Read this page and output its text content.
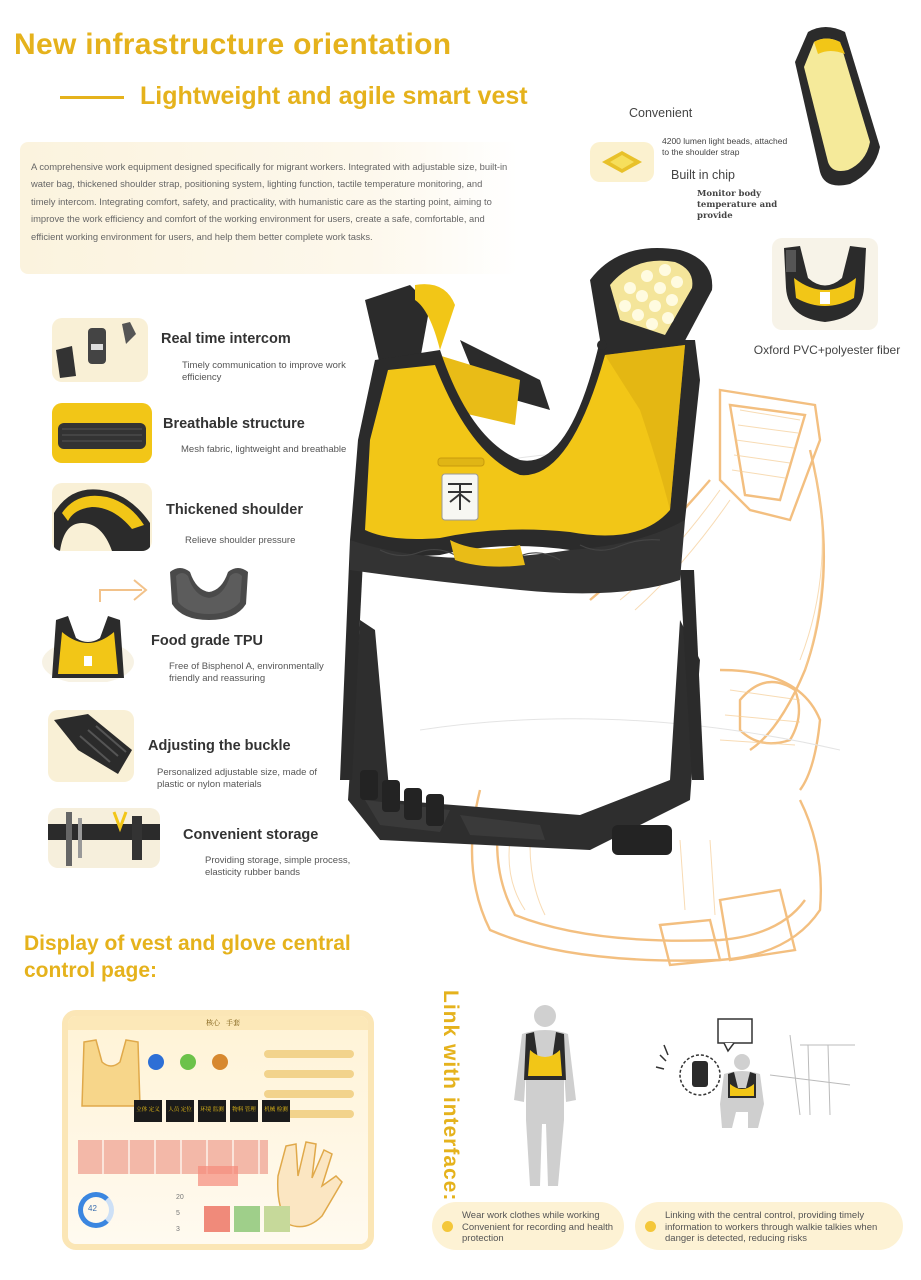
New infrastructure orientation
Lightweight and agile smart vest
A comprehensive work equipment designed specifically for migrant workers. Integrated with adjustable size, built-in water bag, thickened shoulder strap, positioning system, lighting function, tactile temperature monitoring, and timely intercom. Integrating comfort, safety, and practicality, with humanistic care as the starting point, aiming to improve the work efficiency and comfort of the working environment for users, create a safe, comfortable, and efficient working environment for users, and help them better complete work tasks.
Convenient
4200 lumen light beads, attached to the shoulder strap
Built in chip
Monitor body temperature and provide
Oxford PVC+polyester fiber
Real time intercom
Timely communication to improve work efficiency
Breathable structure
Mesh fabric, lightweight and breathable
Thickened shoulder
Relieve shoulder pressure
Food grade TPU
Free of Bisphenol A, environmentally friendly and reassuring
Adjusting the buckle
Personalized adjustable size, made of plastic or nylon materials
Convenient storage
Providing storage, simple process, elasticity rubber bands
Display of vest and glove central control page:
核心 手套
立体 定义	人员 定位	环境 监测	物料 管理	机械 检测
42
20
5
3
Link with interface:
Wear work clothes while working Convenient for recording and health protection
Linking with the central control, providing timely information to workers through walkie talkies when danger is detected, reducing risks
